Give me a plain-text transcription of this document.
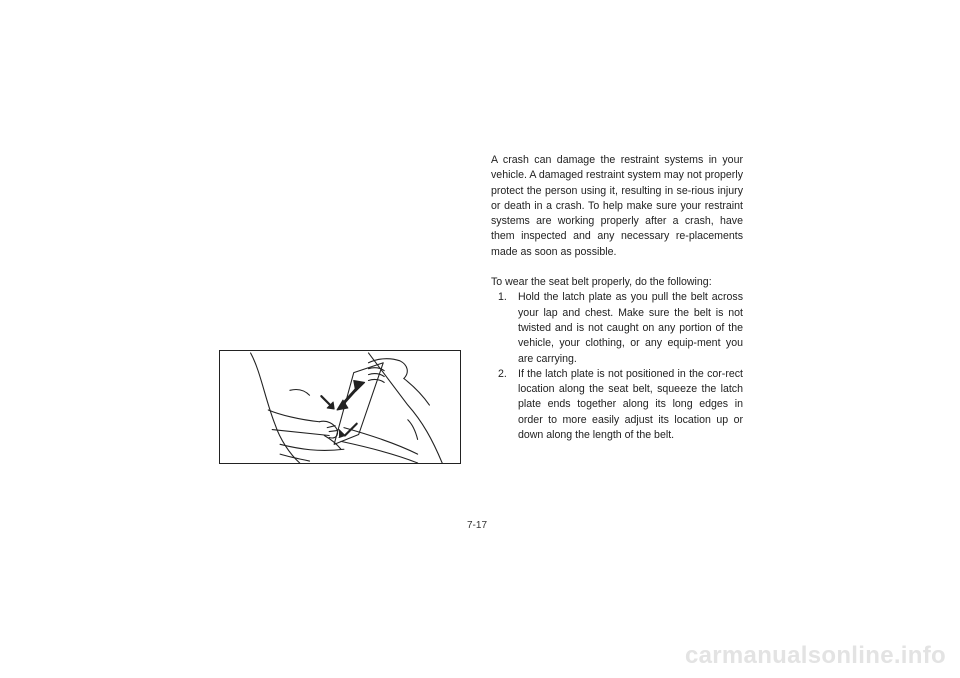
A crash can damage the restraint systems in your vehicle. A damaged restraint system may not properly protect the person using it, resulting in se-rious injury or death in a crash. To help make sure your restraint systems are working properly after a crash, have them inspected and any necessary re-placements made as soon as possible.

To wear the seat belt properly, do the following:

1. Hold the latch plate as you pull the belt across your lap and chest. Make sure the belt is not twisted and is not caught on any portion of the vehicle, your clothing, or any equip-ment you are carrying.
2. If the latch plate is not positioned in the cor-rect location along the seat belt, squeeze the latch plate ends together along its long edges in order to more easily adjust its location up or down along the length of the belt.
7-17
carmanualsonline.info
